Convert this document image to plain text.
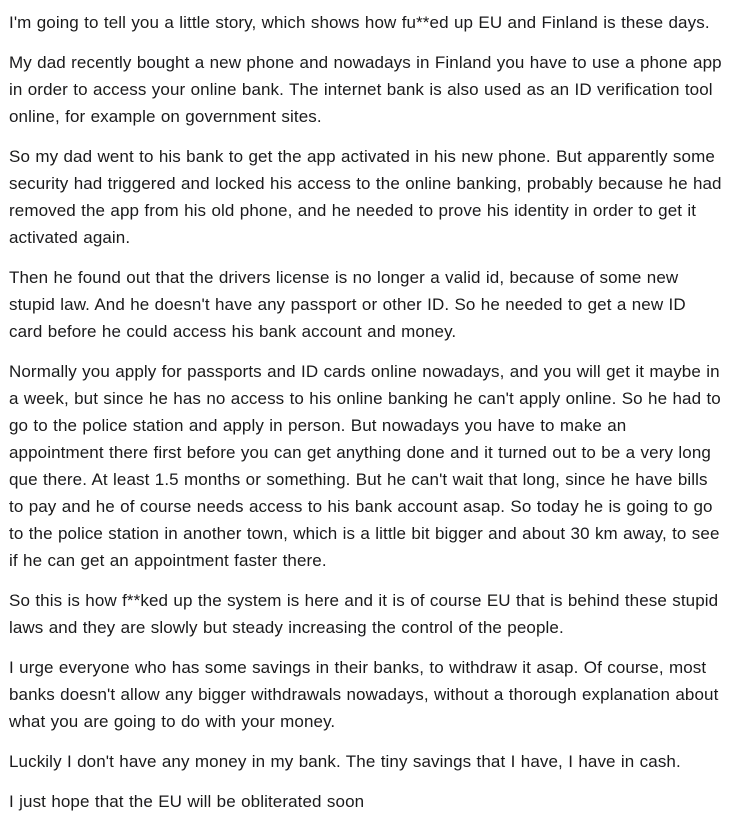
I'm going to tell you a little story, which shows how fu**ed up EU and Finland is these days.

My dad recently bought a new phone and nowadays in Finland you have to use a phone app in order to access your online bank. The internet bank is also used as an ID verification tool online, for example on government sites.

So my dad went to his bank to get the app activated in his new phone. But apparently some security had triggered and locked his access to the online banking, probably because he had removed the app from his old phone, and he needed to prove his identity in order to get it activated again.

Then he found out that the drivers license is no longer a valid id, because of some new stupid law. And he doesn't have any passport or other ID. So he needed to get a new ID card before he could access his bank account and money.

Normally you apply for passports and ID cards online nowadays, and you will get it maybe in a week, but since he has no access to his online banking he can't apply online. So he had to go to the police station and apply in person. But nowadays you have to make an appointment there first before you can get anything done and it turned out to be a very long que there. At least 1.5 months or something. But he can't wait that long, since he have bills to pay and he of course needs access to his bank account asap. So today he is going to go to the police station in another town, which is a little bit bigger and about 30 km away, to see if he can get an appointment faster there.

So this is how f**ked up the system is here and it is of course EU that is behind these stupid laws and they are slowly but steady increasing the control of the people.

I urge everyone who has some savings in their banks, to withdraw it asap. Of course, most banks doesn't allow any bigger withdrawals nowadays, without a thorough explanation about what you are going to do with your money.

Luckily I don't have any money in my bank. The tiny savings that I have, I have in cash.

I just hope that the EU will be obliterated soon
